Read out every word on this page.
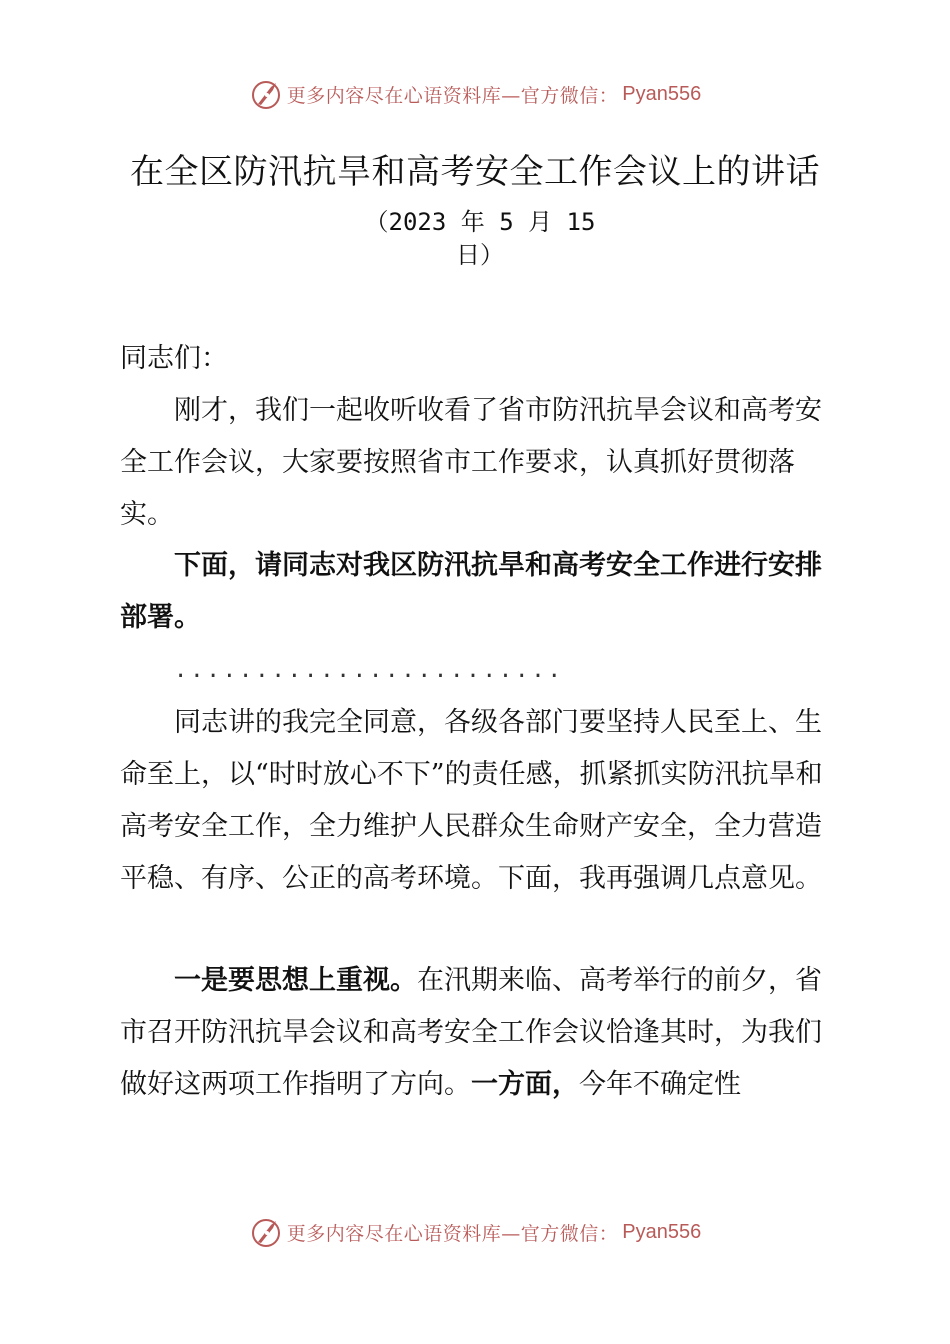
更多内容尽在心语资料库—官方微信： Pyan556
在全区防汛抗旱和高考安全工作会议上的讲话
（2023 年 5 月 15
日）

同志们：

刚才，我们一起收听收看了省市防汛抗旱会议和高考安全工作会议，大家要按照省市工作要求，认真抓好贯彻落实。

下面，请同志对我区防汛抗旱和高考安全工作进行安排部署。

........................

同志讲的我完全同意，各级各部门要坚持人民至上、生命至上，以“时时放心不下”的责任感，抓紧抓实防汛抗旱和高考安全工作，全力维护人民群众生命财产安全，全力营造平稳、有序、公正的高考环境。下面，我再强调几点意见。

一是要思想上重视。在汛期来临、高考举行的前夕，省市召开防汛抗旱会议和高考安全工作会议恰逢其时，为我们做好这两项工作指明了方向。一方面，今年不确定性

更多内容尽在心语资料库—官方微信： Pyan556
